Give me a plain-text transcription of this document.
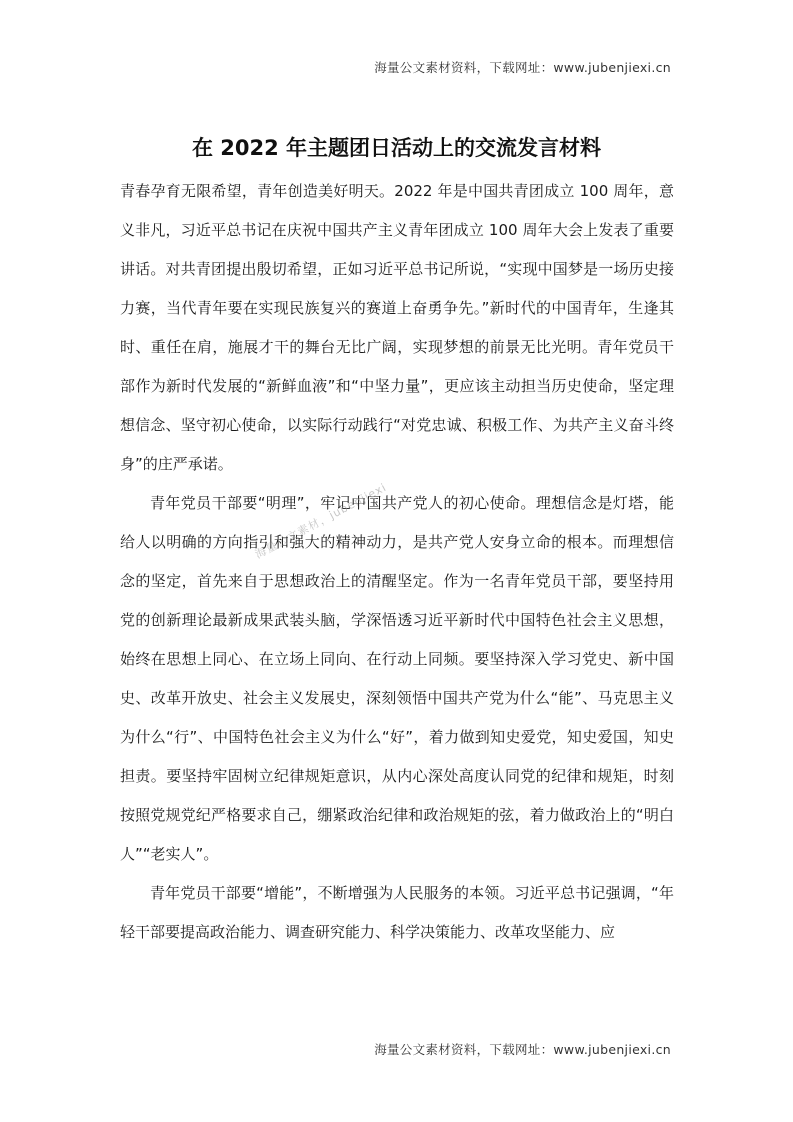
海量公文素材资料，下载网址：www.jubenjiexi.cn
在 2022 年主题团日活动上的交流发言材料

青春孕育无限希望，青年创造美好明天。2022 年是中国共青团成立 100 周年，意义非凡，习近平总书记在庆祝中国共产主义青年团成立 100 周年大会上发表了重要讲话。对共青团提出殷切希望，正如习近平总书记所说，“实现中国梦是一场历史接力赛，当代青年要在实现民族复兴的赛道上奋勇争先。”新时代的中国青年，生逢其时、重任在肩，施展才干的舞台无比广阔，实现梦想的前景无比光明。青年党员干部作为新时代发展的“新鲜血液”和“中坚力量”，更应该主动担当历史使命，坚定理想信念、坚守初心使命，以实际行动践行“对党忠诚、积极工作、为共产主义奋斗终身”的庄严承诺。

青年党员干部要“明理”，牢记中国共产党人的初心使命。理想信念是灯塔，能给人以明确的方向指引和强大的精神动力，是共产党人安身立命的根本。而理想信念的坚定，首先来自于思想政治上的清醒坚定。作为一名青年党员干部，要坚持用党的创新理论最新成果武装头脑，学深悟透习近平新时代中国特色社会主义思想，始终在思想上同心、在立场上同向、在行动上同频。要坚持深入学习党史、新中国史、改革开放史、社会主义发展史，深刻领悟中国共产党为什么“能”、马克思主义为什么“行”、中国特色社会主义为什么“好”，着力做到知史爱党，知史爱国，知史担责。要坚持牢固树立纪律规矩意识，从内心深处高度认同党的纪律和规矩，时刻按照党规党纪严格要求自己，绷紧政治纪律和政治规矩的弦，着力做政治上的“明白人”“老实人”。

青年党员干部要“增能”，不断增强为人民服务的本领。习近平总书记强调，“年轻干部要提高政治能力、调查研究能力、科学决策能力、改革攻坚能力、应

海量公文素材，jubenjiexi
海量公文素材资料，下载网址：www.jubenjiexi.cn
